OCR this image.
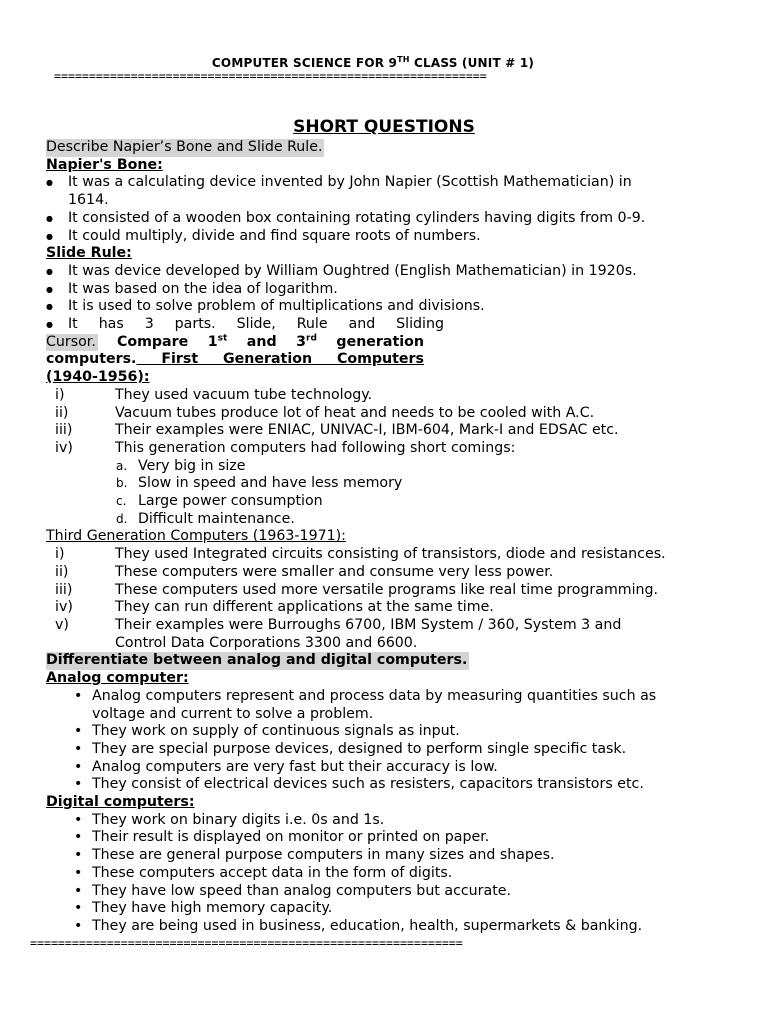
COMPUTER SCIENCE FOR 9TH CLASS (UNIT # 1)
==============================================================
SHORT QUESTIONS
Describe Napier’s Bone and Slide Rule.
Napier's Bone:
● It was a calculating device invented by John Napier (Scottish Mathematician) in
1614.
● It consisted of a wooden box containing rotating cylinders having digits from 0-9.
● It could multiply, divide and find square roots of numbers.
Slide Rule:
● It was device developed by William Oughtred (English Mathematician) in 1920s.
● It was based on the idea of logarithm.
● It is used to solve problem of multiplications and divisions.
● It has 3 parts. Slide, Rule and Sliding
Cursor. Compare 1st and 3rd generation
computers. First Generation Computers
(1940-1956):
i)	They used vacuum tube technology.
ii)	Vacuum tubes produce lot of heat and needs to be cooled with A.C.
iii)	Their examples were ENIAC, UNIVAC-I, IBM-604, Mark-I and EDSAC etc.
iv)	This generation computers had following short comings:
a. Very big in size
b. Slow in speed and have less memory
c. Large power consumption
d. Difficult maintenance.
Third Generation Computers (1963-1971):
i)	They used Integrated circuits consisting of transistors, diode and resistances.
ii)	These computers were smaller and consume very less power.
iii)	These computers used more versatile programs like real time programming.
iv)	They can run different applications at the same time.
v)	Their examples were Burroughs 6700, IBM System / 360, System 3 and
Control Data Corporations 3300 and 6600.
Differentiate between analog and digital computers.
Analog computer:
• Analog computers represent and process data by measuring quantities such as
voltage and current to solve a problem.
• They work on supply of continuous signals as input.
• They are special purpose devices, designed to perform single specific task.
• Analog computers are very fast but their accuracy is low.
• They consist of electrical devices such as resisters, capacitors transistors etc.
Digital computers:
• They work on binary digits i.e. 0s and 1s.
• Their result is displayed on monitor or printed on paper.
• These are general purpose computers in many sizes and shapes.
• These computers accept data in the form of digits.
• They have low speed than analog computers but accurate.
• They have high memory capacity.
• They are being used in business, education, health, supermarkets & banking.
==============================================================
